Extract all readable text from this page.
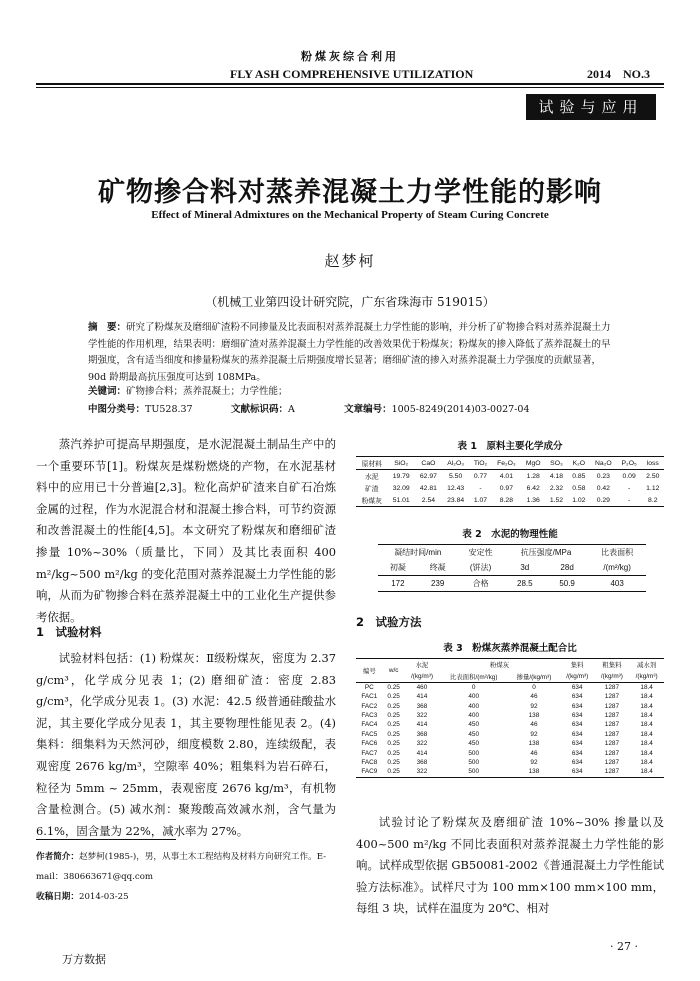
粉煤灰综合利用
FLY ASH COMPREHENSIVE UTILIZATION	2014    NO.3
试验与应用
矿物掺合料对蒸养混凝土力学性能的影响
Effect of Mineral Admixtures on the Mechanical Property of Steam Curing Concrete
赵梦柯
（机械工业第四设计研究院，广东省珠海市 519015）
摘　要：研究了粉煤灰及磨细矿渣粉不同掺量及比表面积对蒸养混凝土力学性能的影响，并分析了矿物掺合料对蒸养混凝土力学性能的作用机理，结果表明：磨细矿渣对蒸养混凝土力学性能的改善效果优于粉煤灰；粉煤灰的掺入降低了蒸养混凝土的早期强度，含有适当细度和掺量粉煤灰的蒸养混凝土后期强度增长显著；磨细矿渣的掺入对蒸养混凝土力学强度的贡献显著，90d 龄期最高抗压强度可达到 108MPa。
关键词：矿物掺合料；蒸养混凝土；力学性能；
中图分类号：TU528.37	文献标识码：A	文章编号：1005-8249(2014)03-0027-04
蒸汽养护可提高早期强度，是水泥混凝土制品生产中的一个重要环节[1]。粉煤灰是煤粉燃烧的产物，在水泥基材料中的应用已十分普遍[2,3]。粒化高炉矿渣来自矿石冶炼金属的过程，作为水泥混合材和混凝土掺合料，可节约资源和改善混凝土的性能[4,5]。本文研究了粉煤灰和磨细矿渣掺量 10%~30%（质量比，下同）及其比表面积 400 m²/kg~500 m²/kg 的变化范围对蒸养混凝土力学性能的影响，从而为矿物掺合料在蒸养混凝土中的工业化生产提供参考依据。
1　试验材料
试验材料包括：(1) 粉煤灰：Ⅱ级粉煤灰，密度为 2.37 g/cm³，化学成分见表 1；(2) 磨细矿渣：密度 2.83 g/cm³，化学成分见表 1。(3) 水泥：42.5 级普通硅酸盐水泥，其主要化学成分见表 1，其主要物理性能见表 2。(4) 集料：细集料为天然河砂，细度模数 2.80，连续级配，表观密度 2676 kg/m³，空隙率 40%；粗集料为岩石碎石，粒径为 5mm ~ 25mm，表观密度 2676 kg/m³，有机物含量检测合。(5) 减水剂：聚羧酸高效减水剂，含气量为 6.1%，固含量为 22%，减水率为 27%。
作者简介：赵梦柯(1985-)，男，从事土木工程结构及材料方向研究工作。E-mail：380663671@qq.com
收稿日期：2014-03-25
表 1　原料主要化学成分
原材料	SiO₂	CaO	Al₂O₃	TiO₂	Fe₂O₃	MgO	SO₃	K₂O	Na₂O	P₂O₅	loss
水泥	19.79	62.97	5.50	0.77	4.01	1.28	4.18	0.85	0.23	0.09	2.50
矿渣	32.09	42.81	12.43	-	0.97	6.42	2.32	0.58	0.42	-	1.12
粉煤灰	51.01	2.54	23.84	1.07	8.28	1.36	1.52	1.02	0.29	-	8.2
表 2　水泥的物理性能
凝结时间/min		安定性	抗压强度/MPa		比表面积
初凝	终凝	(饼法)	3d	28d	/(m²/kg)
172	239	合格	28.5	50.9	403
2　试验方法
表 3　粉煤灰蒸养混凝土配合比
编号	w/c	水泥	粉煤灰		集料	粗集料	减水剂
		/(kg/m³)	比表面积/(m²/kg)	掺量/(kg/m³)	/(kg/m³)	/(kg/m³)	/(kg/m³)
PC	0.25	460	0	0	634	1287	18.4
FAC1	0.25	414	400	46	634	1287	18.4
FAC2	0.25	368	400	92	634	1287	18.4
FAC3	0.25	322	400	138	634	1287	18.4
FAC4	0.25	414	450	46	634	1287	18.4
FAC5	0.25	368	450	92	634	1287	18.4
FAC6	0.25	322	450	138	634	1287	18.4
FAC7	0.25	414	500	46	634	1287	18.4
FAC8	0.25	368	500	92	634	1287	18.4
FAC9	0.25	322	500	138	634	1287	18.4
试验讨论了粉煤灰及磨细矿渣 10%~30% 掺量以及 400~500 m²/kg 不同比表面积对蒸养混凝土力学性能的影响。试样成型依据 GB50081-2002《普通混凝土力学性能试验方法标准》。试样尺寸为 100 mm×100 mm×100 mm，每组 3 块，试样在温度为 20℃、相对
· 27 ·
万方数据
